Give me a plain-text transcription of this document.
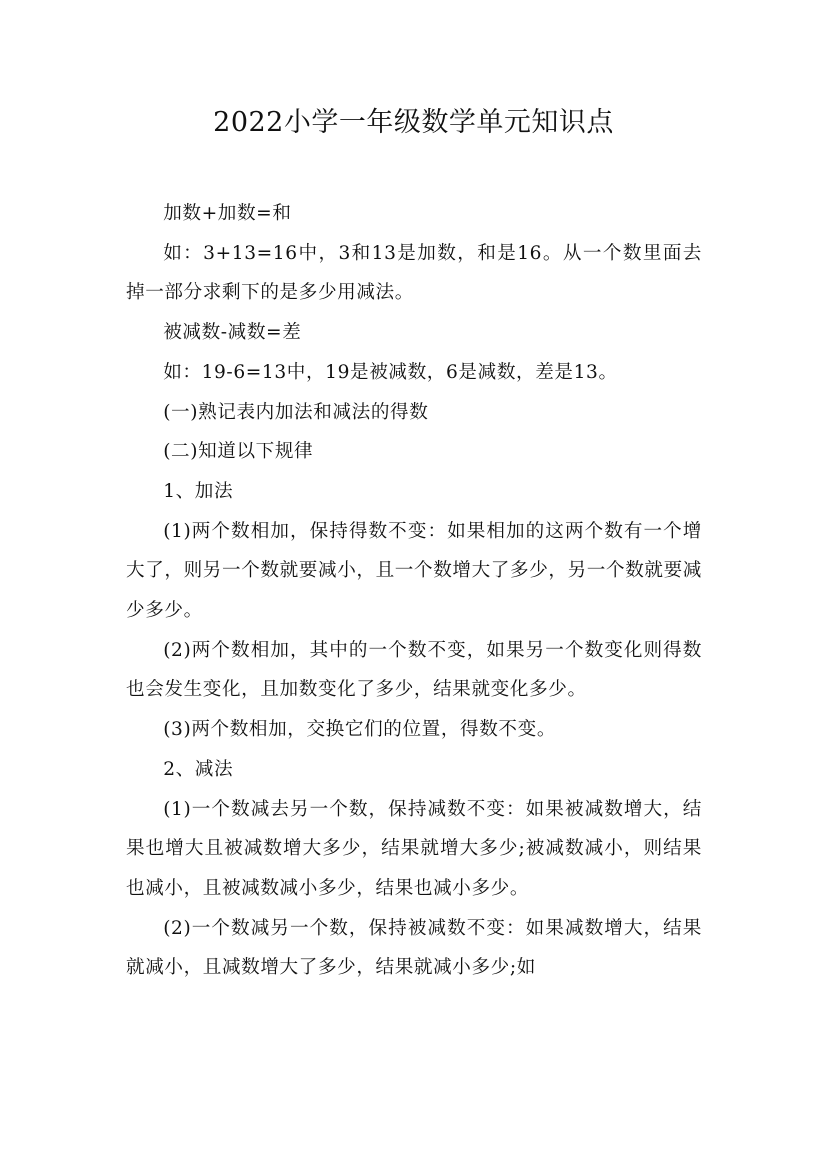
2022小学一年级数学单元知识点

加数+加数=和

如：3+13=16中，3和13是加数，和是16。从一个数里面去掉一部分求剩下的是多少用减法。

被减数-减数=差

如：19-6=13中，19是被减数，6是减数，差是13。

(一)熟记表内加法和减法的得数

(二)知道以下规律

1、加法

(1)两个数相加，保持得数不变：如果相加的这两个数有一个增大了，则另一个数就要减小，且一个数增大了多少，另一个数就要减少多少。

(2)两个数相加，其中的一个数不变，如果另一个数变化则得数也会发生变化，且加数变化了多少，结果就变化多少。

(3)两个数相加，交换它们的位置，得数不变。

2、减法

(1)一个数减去另一个数，保持减数不变：如果被减数增大，结果也增大且被减数增大多少，结果就增大多少;被减数减小，则结果也减小，且被减数减小多少，结果也减小多少。

(2)一个数减另一个数，保持被减数不变：如果减数增大，结果就减小，且减数增大了多少，结果就减小多少;如
